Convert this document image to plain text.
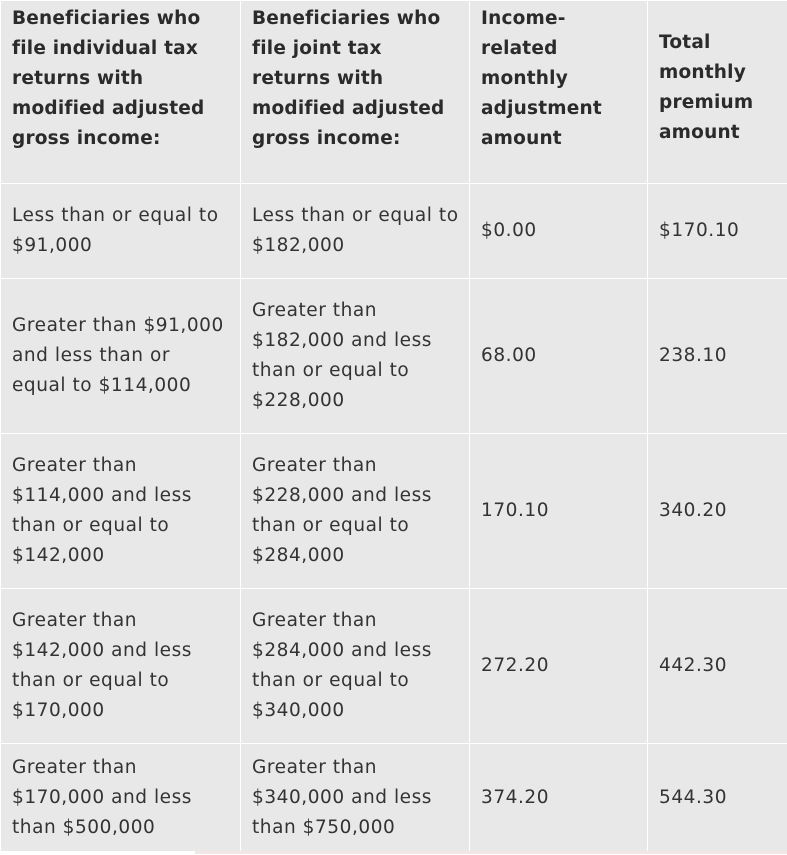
Beneficiaries who file individual tax returns with modified adjusted gross income:	Beneficiaries who file joint tax returns with modified adjusted gross income:	Income-related monthly adjustment amount	Total monthly premium amount
Less than or equal to $91,000	Less than or equal to $182,000	$0.00	$170.10
Greater than $91,000 and less than or equal to $114,000	Greater than $182,000 and less than or equal to $228,000	68.00	238.10
Greater than $114,000 and less than or equal to $142,000	Greater than $228,000 and less than or equal to $284,000	170.10	340.20
Greater than $142,000 and less than or equal to $170,000	Greater than $284,000 and less than or equal to $340,000	272.20	442.30
Greater than $170,000 and less than $500,000	Greater than $340,000 and less than $750,000	374.20	544.30
